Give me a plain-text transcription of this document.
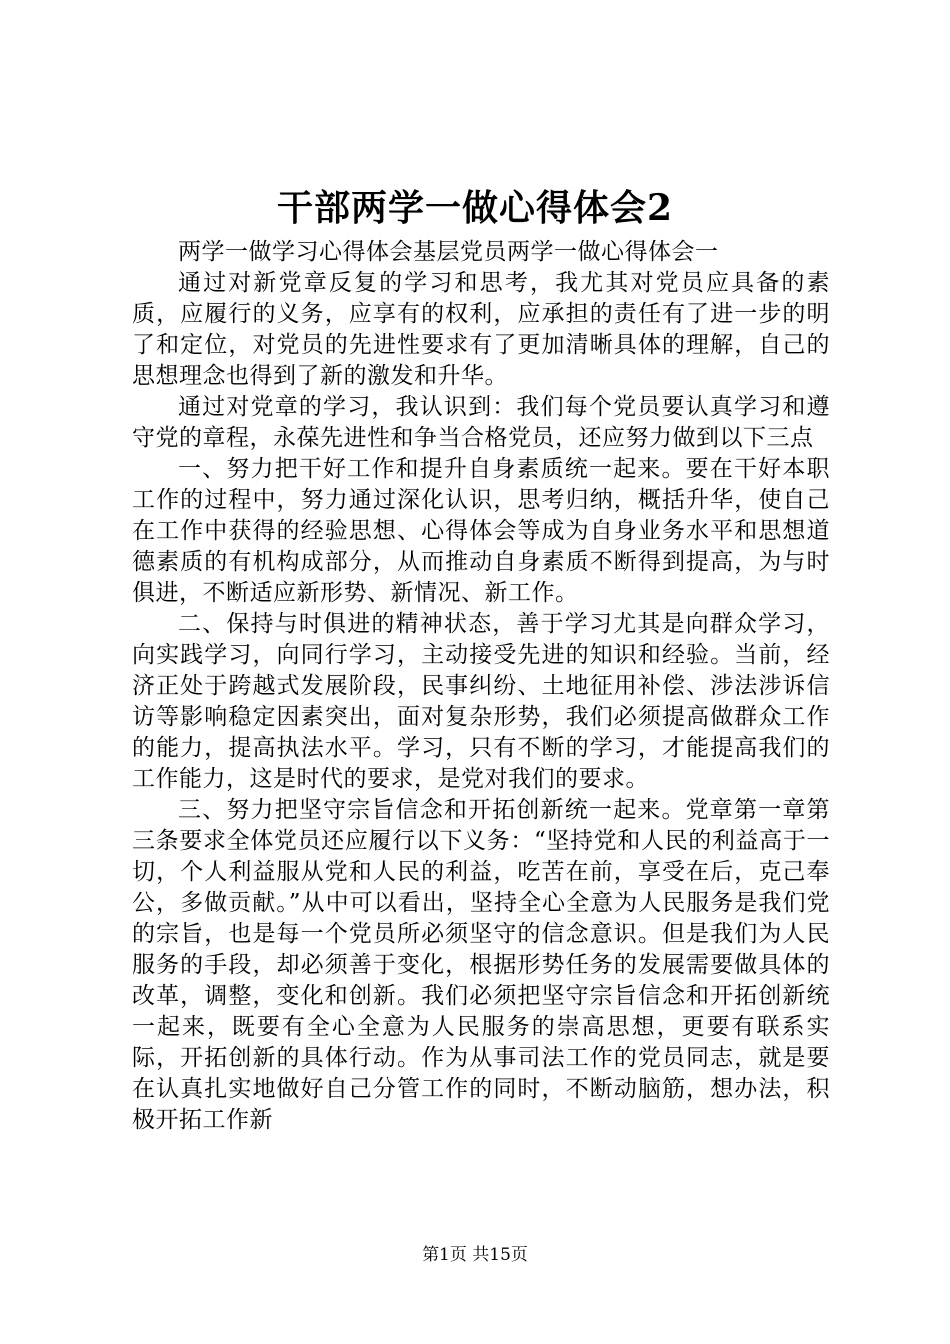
干部两学一做心得体会2

两学一做学习心得体会基层党员两学一做心得体会一

通过对新党章反复的学习和思考，我尤其对党员应具备的素质，应履行的义务，应享有的权利，应承担的责任有了进一步的明了和定位，对党员的先进性要求有了更加清晰具体的理解，自己的思想理念也得到了新的激发和升华。

通过对党章的学习，我认识到：我们每个党员要认真学习和遵守党的章程，永葆先进性和争当合格党员，还应努力做到以下三点

一、努力把干好工作和提升自身素质统一起来。要在干好本职工作的过程中，努力通过深化认识，思考归纳，概括升华，使自己在工作中获得的经验思想、心得体会等成为自身业务水平和思想道德素质的有机构成部分，从而推动自身素质不断得到提高，为与时俱进，不断适应新形势、新情况、新工作。

二、保持与时俱进的精神状态，善于学习尤其是向群众学习，向实践学习，向同行学习，主动接受先进的知识和经验。当前，经济正处于跨越式发展阶段，民事纠纷、土地征用补偿、涉法涉诉信访等影响稳定因素突出，面对复杂形势，我们必须提高做群众工作的能力，提高执法水平。学习，只有不断的学习，才能提高我们的工作能力，这是时代的要求，是党对我们的要求。

三、努力把坚守宗旨信念和开拓创新统一起来。党章第一章第三条要求全体党员还应履行以下义务：“坚持党和人民的利益高于一切，个人利益服从党和人民的利益，吃苦在前，享受在后，克己奉公，多做贡献。”从中可以看出，坚持全心全意为人民服务是我们党的宗旨，也是每一个党员所必须坚守的信念意识。但是我们为人民服务的手段，却必须善于变化，根据形势任务的发展需要做具体的改革，调整，变化和创新。我们必须把坚守宗旨信念和开拓创新统一起来，既要有全心全意为人民服务的崇高思想，更要有联系实际，开拓创新的具体行动。作为从事司法工作的党员同志，就是要在认真扎实地做好自己分管工作的同时，不断动脑筋，想办法，积极开拓工作新

第1页 共15页
